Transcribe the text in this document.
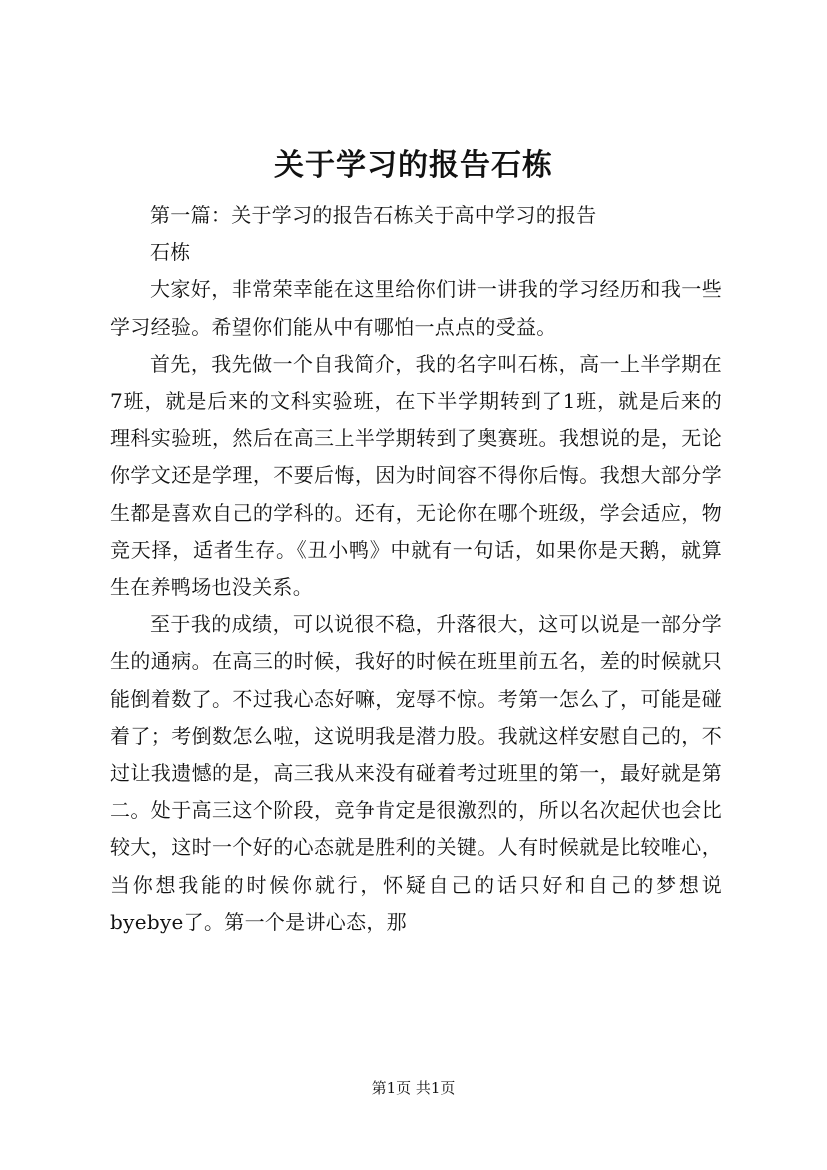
关于学习的报告石栋

第一篇：关于学习的报告石栋关于高中学习的报告

石栋

大家好，非常荣幸能在这里给你们讲一讲我的学习经历和我一些学习经验。希望你们能从中有哪怕一点点的受益。

首先，我先做一个自我简介，我的名字叫石栋，高一上半学期在7班，就是后来的文科实验班，在下半学期转到了1班，就是后来的理科实验班，然后在高三上半学期转到了奥赛班。我想说的是，无论你学文还是学理，不要后悔，因为时间容不得你后悔。我想大部分学生都是喜欢自己的学科的。还有，无论你在哪个班级，学会适应，物竞天择，适者生存。《丑小鸭》中就有一句话，如果你是天鹅，就算生在养鸭场也没关系。

至于我的成绩，可以说很不稳，升落很大，这可以说是一部分学生的通病。在高三的时候，我好的时候在班里前五名，差的时候就只能倒着数了。不过我心态好嘛，宠辱不惊。考第一怎么了，可能是碰着了；考倒数怎么啦，这说明我是潜力股。我就这样安慰自己的，不过让我遗憾的是，高三我从来没有碰着考过班里的第一，最好就是第二。处于高三这个阶段，竞争肯定是很激烈的，所以名次起伏也会比较大，这时一个好的心态就是胜利的关键。人有时候就是比较唯心，当你想我能的时候你就行，怀疑自己的话只好和自己的梦想说byebye了。第一个是讲心态，那

第1页 共1页
